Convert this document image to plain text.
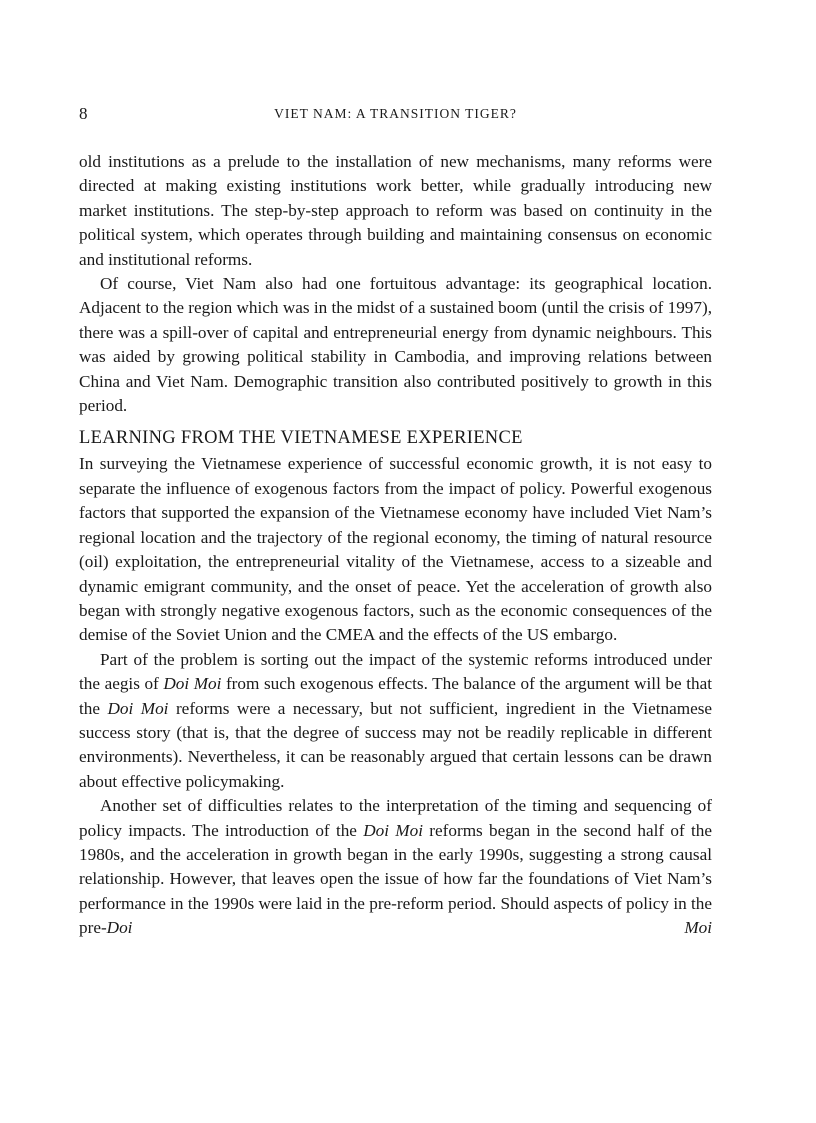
8	VIET NAM: A TRANSITION TIGER?

old institutions as a prelude to the installation of new mechanisms, many reforms were directed at making existing institutions work better, while gradually introducing new market institutions. The step-by-step approach to reform was based on continuity in the political system, which operates through building and maintaining consensus on economic and institutional reforms.

Of course, Viet Nam also had one fortuitous advantage: its geographical location. Adjacent to the region which was in the midst of a sustained boom (until the crisis of 1997), there was a spill-over of capital and entrepreneurial energy from dynamic neighbours. This was aided by growing political stability in Cambodia, and improving relations between China and Viet Nam. Demographic transition also contributed positively to growth in this period.

LEARNING FROM THE VIETNAMESE EXPERIENCE

In surveying the Vietnamese experience of successful economic growth, it is not easy to separate the influence of exogenous factors from the impact of policy. Powerful exogenous factors that supported the expansion of the Vietnamese economy have included Viet Nam’s regional location and the trajectory of the regional economy, the timing of natural resource (oil) exploitation, the entrepreneurial vitality of the Vietnamese, access to a sizeable and dynamic emigrant community, and the onset of peace. Yet the acceleration of growth also began with strongly negative exogenous factors, such as the economic consequences of the demise of the Soviet Union and the CMEA and the effects of the US embargo.

Part of the problem is sorting out the impact of the systemic reforms introduced under the aegis of Doi Moi from such exogenous effects. The balance of the argument will be that the Doi Moi reforms were a necessary, but not sufficient, ingredient in the Vietnamese success story (that is, that the degree of success may not be readily replicable in different environments). Nevertheless, it can be reasonably argued that certain lessons can be drawn about effective policymaking.

Another set of difficulties relates to the interpretation of the timing and sequencing of policy impacts. The introduction of the Doi Moi reforms began in the second half of the 1980s, and the acceleration in growth began in the early 1990s, suggesting a strong causal relationship. However, that leaves open the issue of how far the foundations of Viet Nam’s performance in the 1990s were laid in the pre-reform period. Should aspects of policy in the pre-Doi Moi
